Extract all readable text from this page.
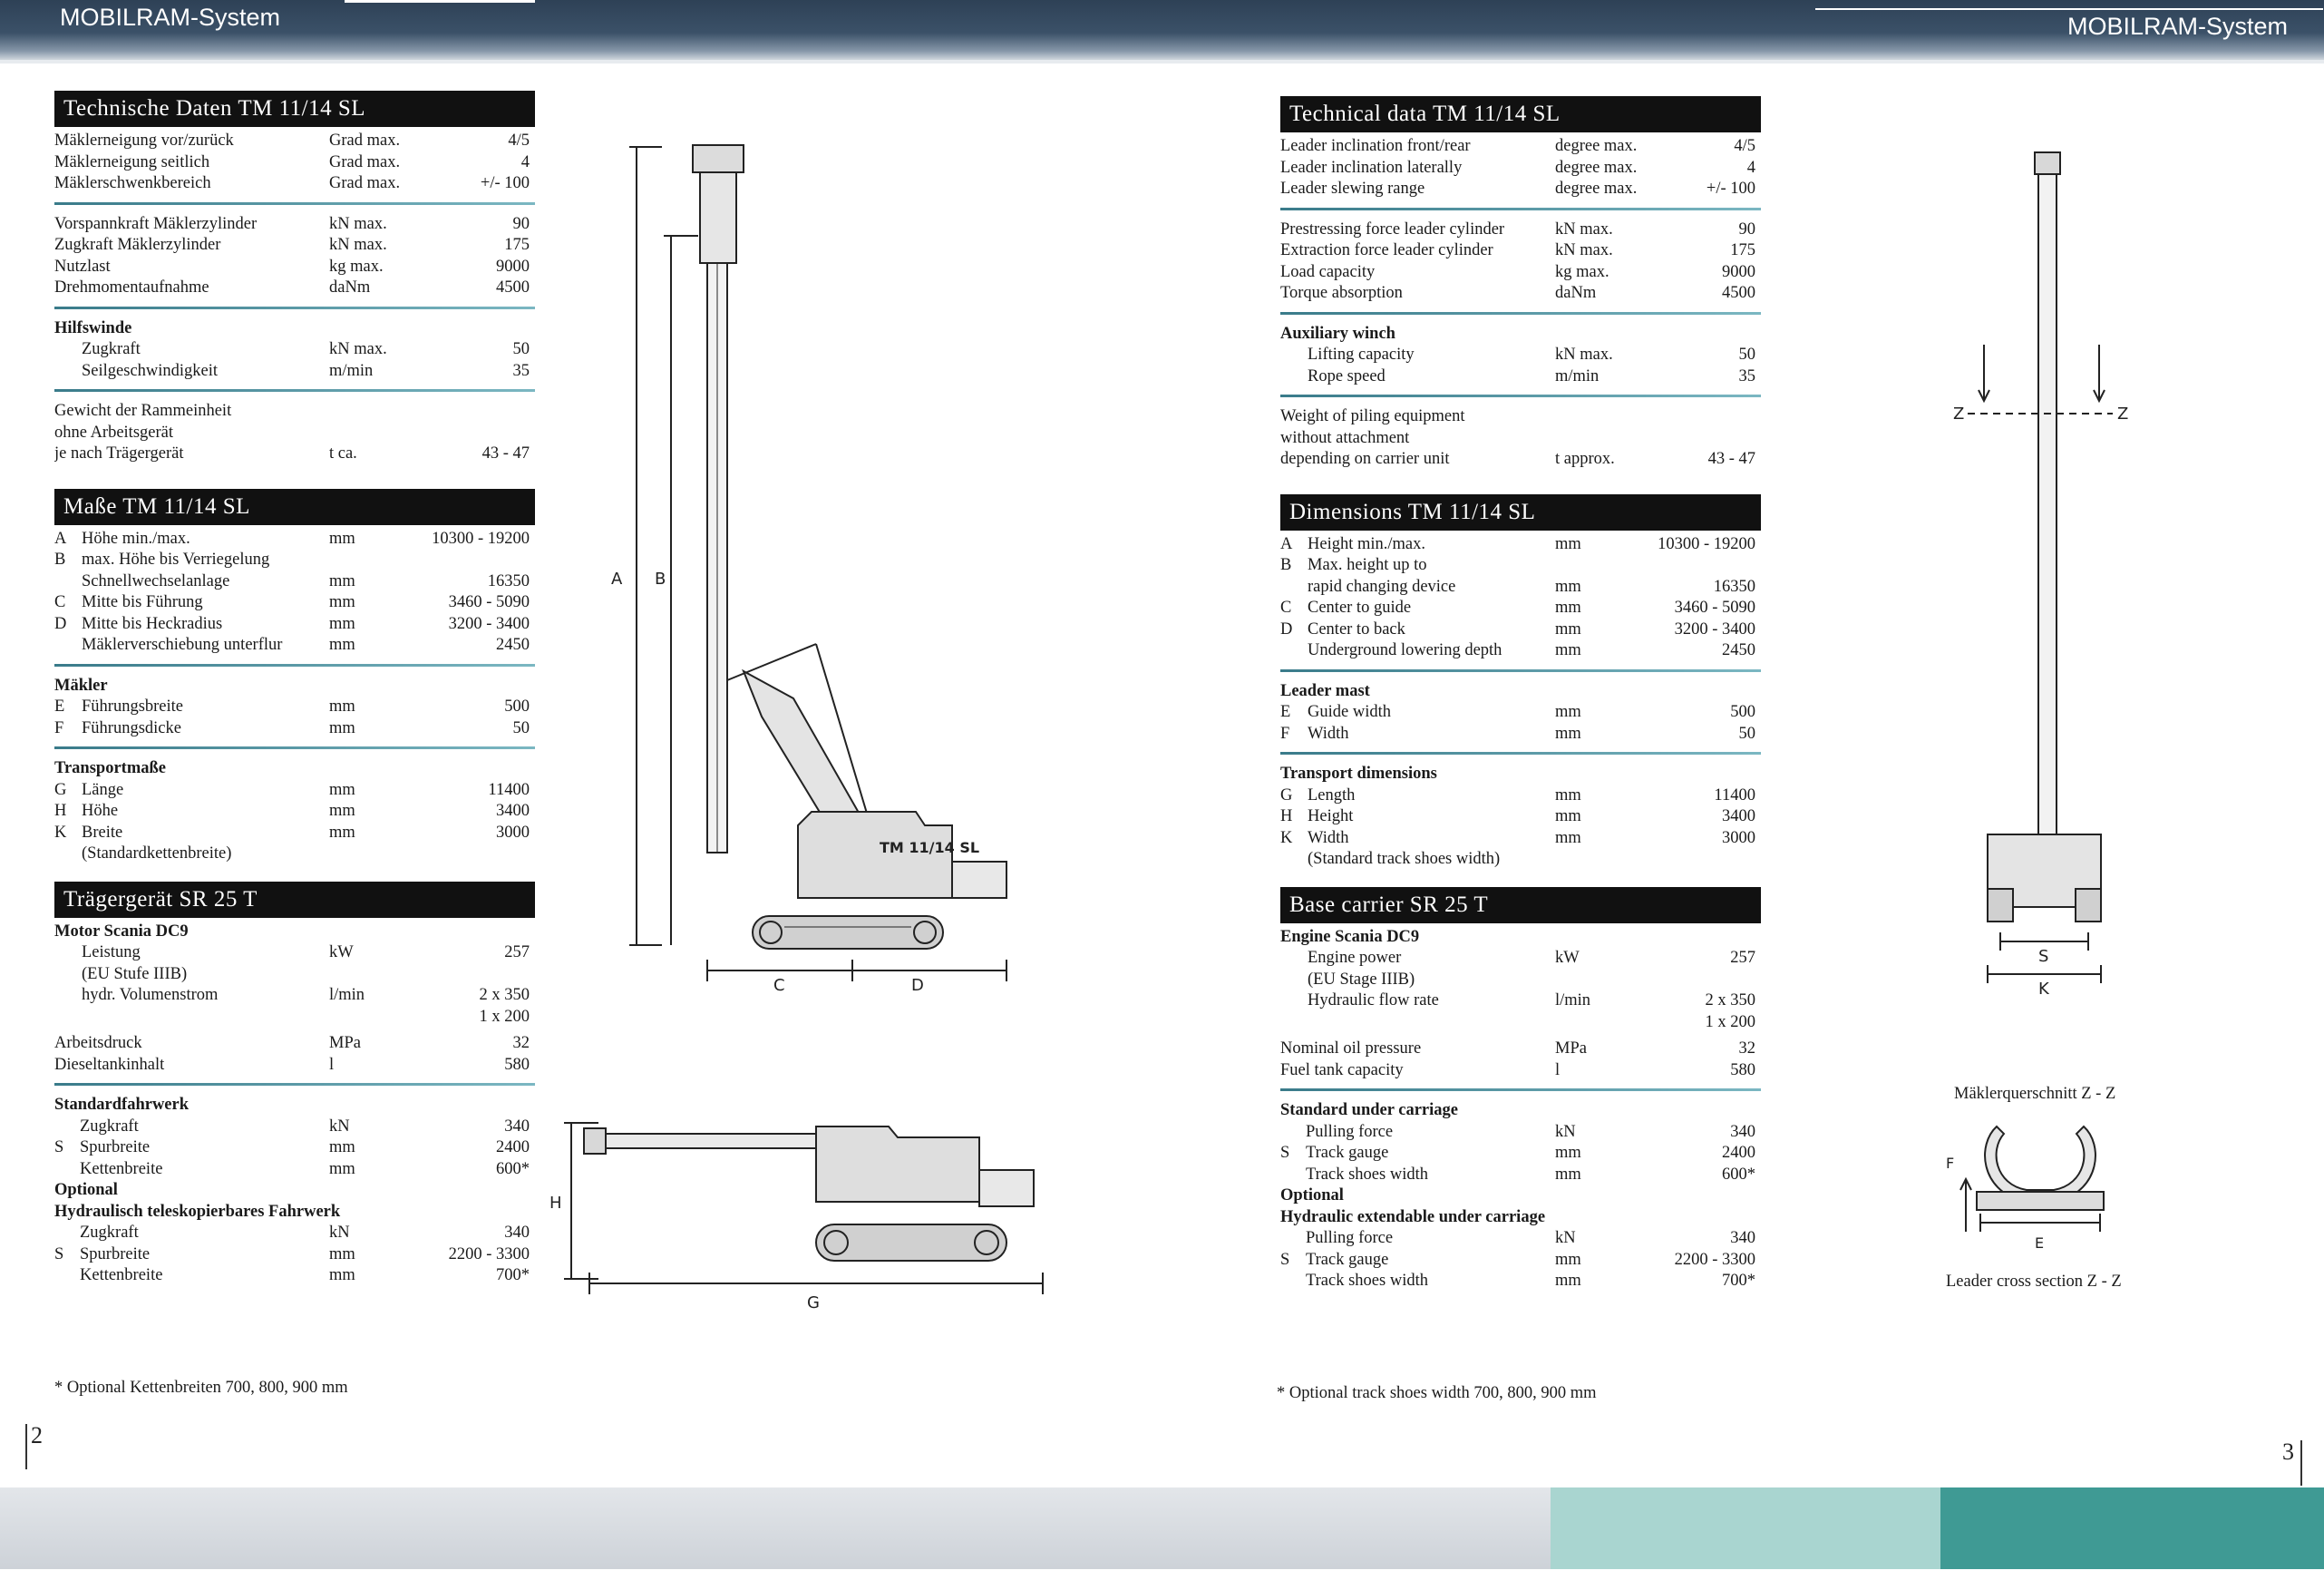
MOBILRAM-System	MOBILRAM-System
Technische Daten TM 11/14 SL
Mäklerneigung vor/zurück	Grad max.	4/5
Mäklerneigung seitlich	Grad max.	4
Mäklerschwenkbereich	Grad max.	+/- 100
Vorspannkraft Mäklerzylinder	kN max.	90
Zugkraft Mäklerzylinder	kN max.	175
Nutzlast	kg max.	9000
Drehmomentaufnahme	daNm	4500
Hilfswinde
Zugkraft	kN max.	50
Seilgeschwindigkeit	m/min	35
Gewicht der Rammeinheit
ohne Arbeitsgerät
je nach Trägergerät	t ca.	43 - 47
Maße TM 11/14 SL
A Höhe min./max.	mm	10300 - 19200
B max. Höhe bis Verriegelung
Schnellwechselanlage	mm	16350
C Mitte bis Führung	mm	3460 - 5090
D Mitte bis Heckradius	mm	3200 - 3400
Mäklerverschiebung unterflur	mm	2450
Mäkler
E Führungsbreite	mm	500
F Führungsdicke	mm	50
Transportmaße
G Länge	mm	11400
H Höhe	mm	3400
K Breite	mm	3000
(Standardkettenbreite)
Trägergerät SR 25 T
Motor Scania DC9
Leistung	kW	257
(EU Stufe IIIB)
hydr. Volumenstrom	l/min	2 x 350
1 x 200
Arbeitsdruck	MPa	32
Dieseltankinhalt	l	580
Standardfahrwerk
Zugkraft	kN	340
S Spurbreite	mm	2400
Kettenbreite	mm	600*
Optional
Hydraulisch teleskopierbares Fahrwerk
Zugkraft	kN	340
S Spurbreite	mm	2200 - 3300
Kettenbreite	mm	700*
* Optional Kettenbreiten 700, 800, 900 mm
Technical data TM 11/14 SL
Leader inclination front/rear	degree max.	4/5
Leader inclination laterally	degree max.	4
Leader slewing range	degree max.	+/- 100
Prestressing force leader cylinder	kN max.	90
Extraction force leader cylinder	kN max.	175
Load capacity	kg max.	9000
Torque absorption	daNm	4500
Auxiliary winch
Lifting capacity	kN max.	50
Rope speed	m/min	35
Weight of piling equipment
without attachment
depending on carrier unit	t approx.	43 - 47
Dimensions TM 11/14 SL
A Height min./max.	mm	10300 - 19200
B Max. height up to
rapid changing device	mm	16350
C Center to guide	mm	3460 - 5090
D Center to back	mm	3200 - 3400
Underground lowering depth	mm	2450
Leader mast
E Guide width	mm	500
F Width	mm	50
Transport dimensions
G Length	mm	11400
H Height	mm	3400
K Width	mm	3000
(Standard track shoes width)
Base carrier SR 25 T
Engine Scania DC9
Engine power	kW	257
(EU Stage IIIB)
Hydraulic flow rate	l/min	2 x 350
1 x 200
Nominal oil pressure	MPa	32
Fuel tank capacity	l	580
Standard under carriage
Pulling force	kN	340
S Track gauge	mm	2400
Track shoes width	mm	600*
Optional
Hydraulic extendable under carriage
Pulling force	kN	340
S Track gauge	mm	2200 - 3300
Track shoes width	mm	700*
* Optional track shoes width 700, 800, 900 mm
TM 11/14 SL
A B
C	D
H
G
Z	Z
S
K
Mäklerquerschnitt Z - Z
F
E
Leader cross section Z - Z
2
3
